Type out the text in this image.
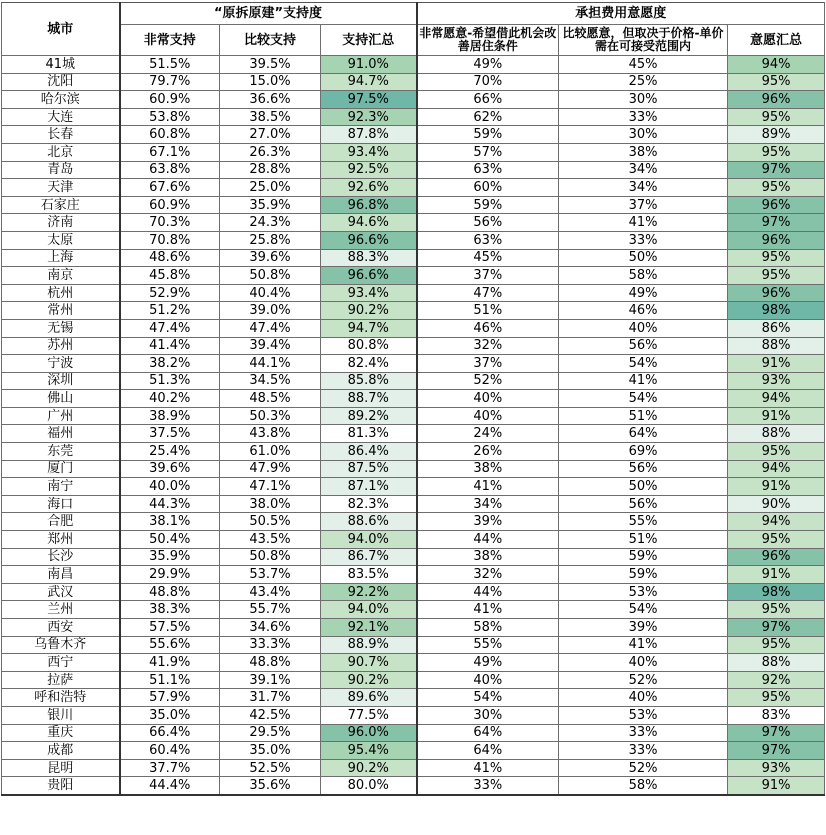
城市	“原拆原建”支持度			承担费用意愿度		
	非常支持	比较支持	支持汇总	非常愿意-希望借此机会改善居住条件	比较愿意，但取决于价格-单价需在可接受范围内	意愿汇总
41城	51.5%	39.5%	91.0%	49%	45%	94%
沈阳	79.7%	15.0%	94.7%	70%	25%	95%
哈尔滨	60.9%	36.6%	97.5%	66%	30%	96%
大连	53.8%	38.5%	92.3%	62%	33%	95%
长春	60.8%	27.0%	87.8%	59%	30%	89%
北京	67.1%	26.3%	93.4%	57%	38%	95%
青岛	63.8%	28.8%	92.5%	63%	34%	97%
天津	67.6%	25.0%	92.6%	60%	34%	95%
石家庄	60.9%	35.9%	96.8%	59%	37%	96%
济南	70.3%	24.3%	94.6%	56%	41%	97%
太原	70.8%	25.8%	96.6%	63%	33%	96%
上海	48.6%	39.6%	88.3%	45%	50%	95%
南京	45.8%	50.8%	96.6%	37%	58%	95%
杭州	52.9%	40.4%	93.4%	47%	49%	96%
常州	51.2%	39.0%	90.2%	51%	46%	98%
无锡	47.4%	47.4%	94.7%	46%	40%	86%
苏州	41.4%	39.4%	80.8%	32%	56%	88%
宁波	38.2%	44.1%	82.4%	37%	54%	91%
深圳	51.3%	34.5%	85.8%	52%	41%	93%
佛山	40.2%	48.5%	88.7%	40%	54%	94%
广州	38.9%	50.3%	89.2%	40%	51%	91%
福州	37.5%	43.8%	81.3%	24%	64%	88%
东莞	25.4%	61.0%	86.4%	26%	69%	95%
厦门	39.6%	47.9%	87.5%	38%	56%	94%
南宁	40.0%	47.1%	87.1%	41%	50%	91%
海口	44.3%	38.0%	82.3%	34%	56%	90%
合肥	38.1%	50.5%	88.6%	39%	55%	94%
郑州	50.4%	43.5%	94.0%	44%	51%	95%
长沙	35.9%	50.8%	86.7%	38%	59%	96%
南昌	29.9%	53.7%	83.5%	32%	59%	91%
武汉	48.8%	43.4%	92.2%	44%	53%	98%
兰州	38.3%	55.7%	94.0%	41%	54%	95%
西安	57.5%	34.6%	92.1%	58%	39%	97%
乌鲁木齐	55.6%	33.3%	88.9%	55%	41%	95%
西宁	41.9%	48.8%	90.7%	49%	40%	88%
拉萨	51.1%	39.1%	90.2%	40%	52%	92%
呼和浩特	57.9%	31.7%	89.6%	54%	40%	95%
银川	35.0%	42.5%	77.5%	30%	53%	83%
重庆	66.4%	29.5%	96.0%	64%	33%	97%
成都	60.4%	35.0%	95.4%	64%	33%	97%
昆明	37.7%	52.5%	90.2%	41%	52%	93%
贵阳	44.4%	35.6%	80.0%	33%	58%	91%
